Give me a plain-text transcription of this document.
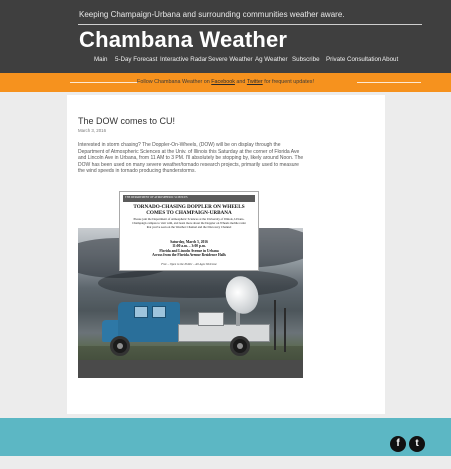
Keeping Champaign-Urbana and surrounding communities weather aware.
Chambana Weather
Main 5-Day Forecast Interactive Radar Severe Weather Ag Weather Subscribe Private Consultation About
Follow Chambana Weather on Facebook and Twitter for frequent updates!
The DOW comes to CU!
March 3, 2016
Interested in storm chasing? The Doppler-On-Wheels, (DOW) will be on display through the Department of Atmospheric Sciences at the Univ. of Illinois this Saturday at the corner of Florida Ave and Lincoln Ave in Urbana, from 11 AM to 3 PM. I'll absolutely be stopping by, likely around Noon. The DOW has been used on many severe weather/tornado research projects, primarily used to measure the wind speeds in tornado producing thunderstorms.
THE DEPARTMENT OF ATMOSPHERIC SCIENCES
TORNADO-CHASING DOPPLER ON WHEELS
COMES TO CHAMPAIGN-URBANA
Please join the Department of Atmospheric Sciences at the University of Illinois, Urbana-Champaign campus to visit with, and learn more about the Doppler on Wheels mobile radar that you've seen on the Weather Channel and the Discovery Channel
Saturday, March 5, 2016
11:00 a.m. – 3:00 p.m.
Florida and Lincoln Avenue in Urbana
Across from the Florida Avenue Residence Halls
Free – Open to the Public – All Ages Welcome
f	t
